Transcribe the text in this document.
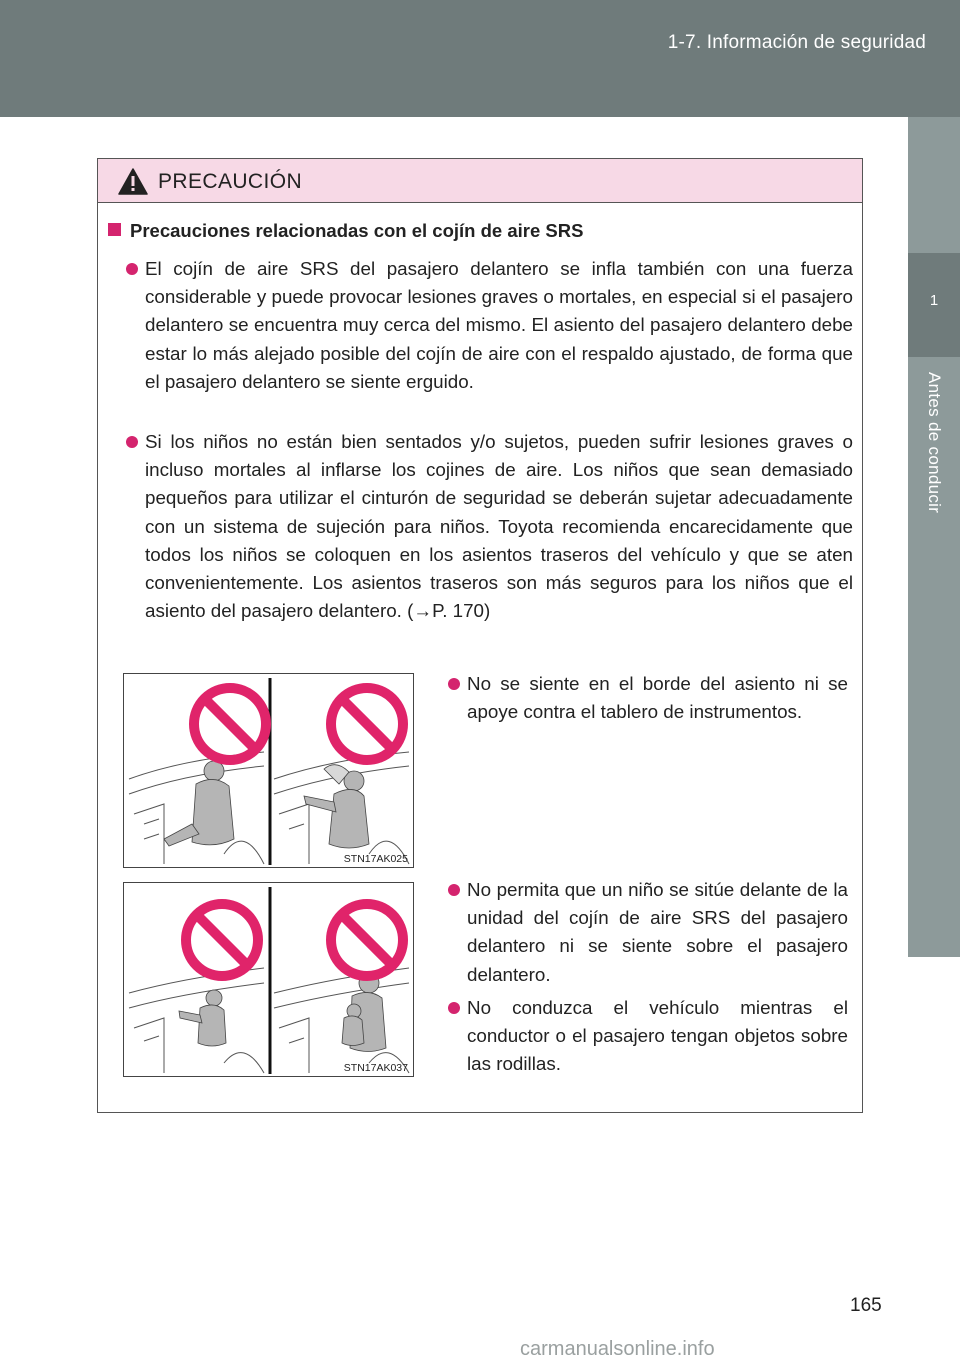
1-7. Información de seguridad
1
Antes de conducir
PRECAUCIÓN
Precauciones relacionadas con el cojín de aire SRS
El cojín de aire SRS del pasajero delantero se infla también con una fuerza considerable y puede provocar lesiones graves o mortales, en especial si el pasajero delantero se encuentra muy cerca del mismo. El asiento del pasajero delantero debe estar lo más alejado posible del cojín de aire con el respaldo ajustado, de forma que el pasajero delantero se siente erguido.
Si los niños no están bien sentados y/o sujetos, pueden sufrir lesiones graves o incluso mortales al inflarse los cojines de aire. Los niños que sean demasiado pequeños para utilizar el cinturón de seguridad se deberán sujetar adecuadamente con un sistema de sujeción para niños. Toyota recomienda encarecidamente que todos los niños se coloquen en los asientos traseros del vehículo y que se aten convenientemente. Los asientos traseros son más seguros para los niños que el asiento del pasajero delantero. (→P. 170)
STN17AK025
No se siente en el borde del asiento ni se apoye contra el tablero de instrumentos.
STN17AK037
No permita que un niño se sitúe delante de la unidad del cojín de aire SRS del pasajero delantero ni se siente sobre el pasajero delantero.
No conduzca el vehículo mientras el conductor o el pasajero tengan objetos sobre las rodillas.
165
carmanualsonline.info
